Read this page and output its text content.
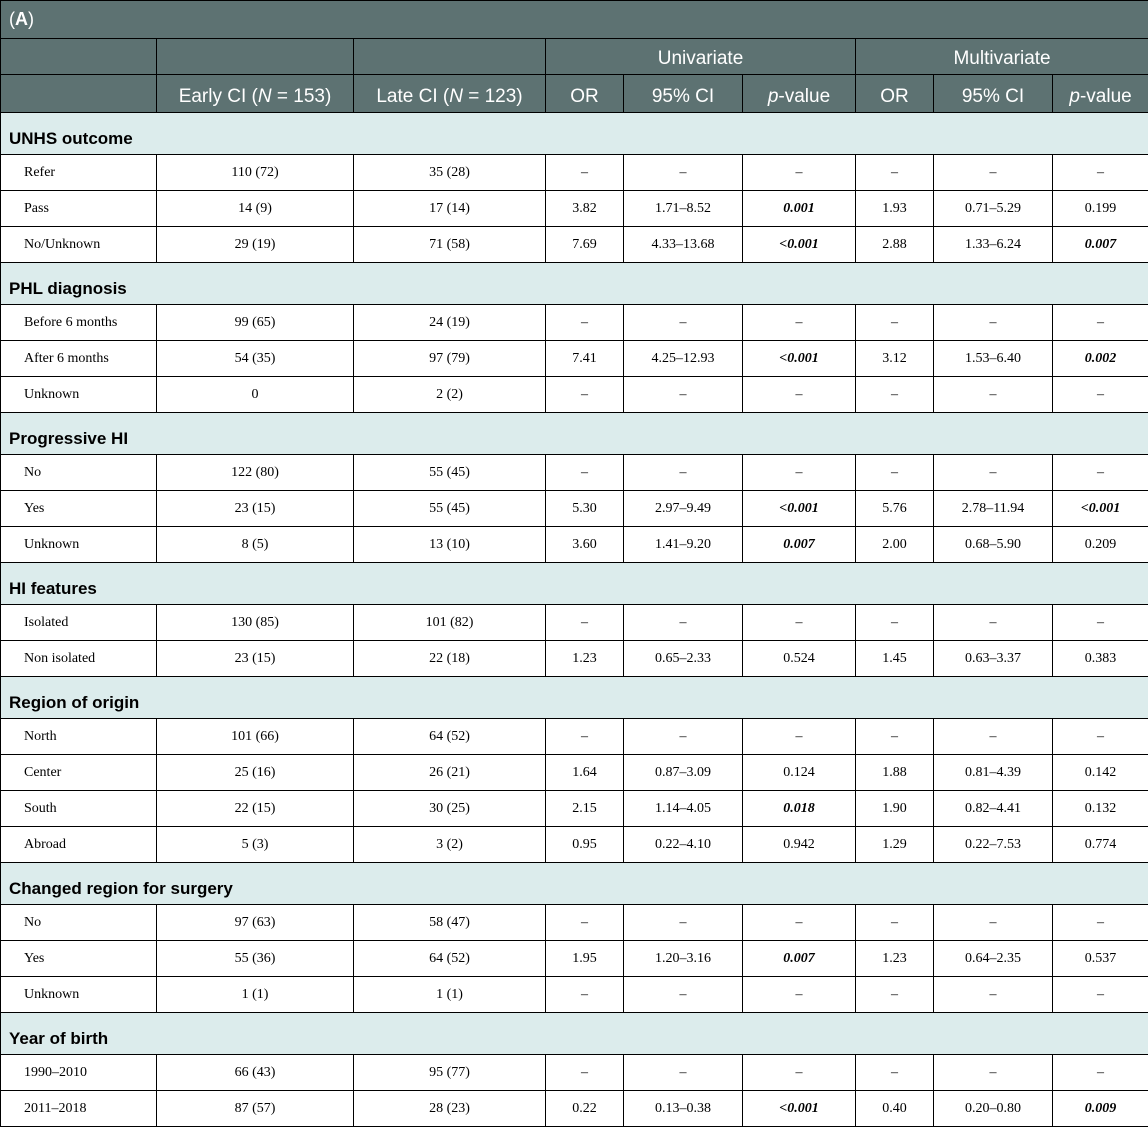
(A)								
			Univariate			Multivariate		
	Early CI (N = 153)	Late CI (N = 123)	OR	95% CI	p-value	OR	95% CI	p-value
UNHS outcome								
Refer	110 (72)	35 (28)	–	–	–	–	–	–
Pass	14 (9)	17 (14)	3.82	1.71–8.52	0.001	1.93	0.71–5.29	0.199
No/Unknown	29 (19)	71 (58)	7.69	4.33–13.68	<0.001	2.88	1.33–6.24	0.007
PHL diagnosis								
Before 6 months	99 (65)	24 (19)	–	–	–	–	–	–
After 6 months	54 (35)	97 (79)	7.41	4.25–12.93	<0.001	3.12	1.53–6.40	0.002
Unknown	0	2 (2)	–	–	–	–	–	–
Progressive HI								
No	122 (80)	55 (45)	–	–	–	–	–	–
Yes	23 (15)	55 (45)	5.30	2.97–9.49	<0.001	5.76	2.78–11.94	<0.001
Unknown	8 (5)	13 (10)	3.60	1.41–9.20	0.007	2.00	0.68–5.90	0.209
HI features								
Isolated	130 (85)	101 (82)	–	–	–	–	–	–
Non isolated	23 (15)	22 (18)	1.23	0.65–2.33	0.524	1.45	0.63–3.37	0.383
Region of origin								
North	101 (66)	64 (52)	–	–	–	–	–	–
Center	25 (16)	26 (21)	1.64	0.87–3.09	0.124	1.88	0.81–4.39	0.142
South	22 (15)	30 (25)	2.15	1.14–4.05	0.018	1.90	0.82–4.41	0.132
Abroad	5 (3)	3 (2)	0.95	0.22–4.10	0.942	1.29	0.22–7.53	0.774
Changed region for surgery								
No	97 (63)	58 (47)	–	–	–	–	–	–
Yes	55 (36)	64 (52)	1.95	1.20–3.16	0.007	1.23	0.64–2.35	0.537
Unknown	1 (1)	1 (1)	–	–	–	–	–	–
Year of birth								
1990–2010	66 (43)	95 (77)	–	–	–	–	–	–
2011–2018	87 (57)	28 (23)	0.22	0.13–0.38	<0.001	0.40	0.20–0.80	0.009
